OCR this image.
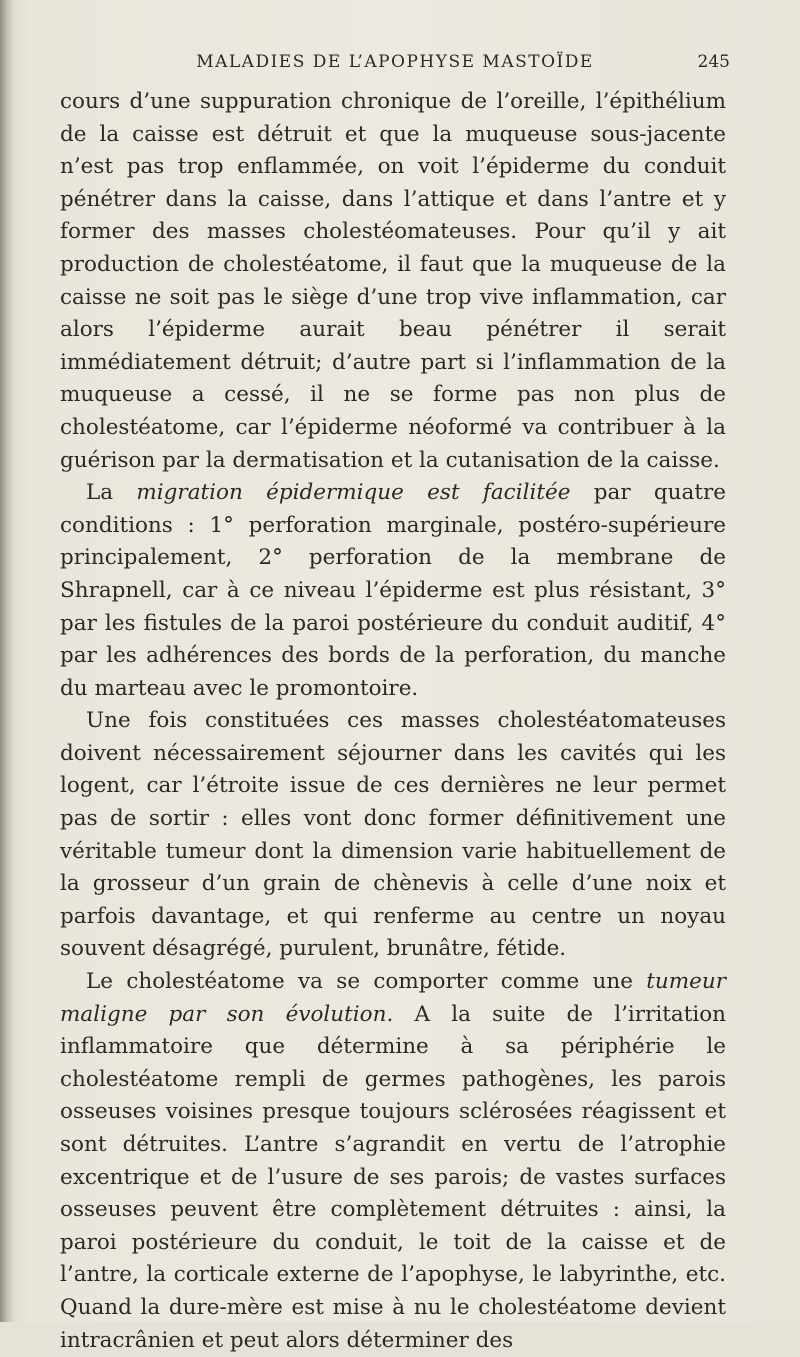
MALADIES DE L’APOPHYSE MASTOÏDE	245

cours d’une suppuration chronique de l’oreille, l’épithélium de la caisse est détruit et que la muqueuse sous-jacente n’est pas trop enflammée, on voit l’épiderme du conduit pénétrer dans la caisse, dans l’attique et dans l’antre et y former des masses cholestéomateuses. Pour qu’il y ait production de cholestéatome, il faut que la muqueuse de la caisse ne soit pas le siège d’une trop vive inflammation, car alors l’épiderme aurait beau pénétrer il serait immédiatement détruit; d’autre part si l’inflammation de la muqueuse a cessé, il ne se forme pas non plus de cholestéatome, car l’épiderme néoformé va contribuer à la guérison par la dermatisation et la cutanisation de la caisse.

La migration épidermique est facilitée par quatre conditions : 1° perforation marginale, postéro-supérieure principalement, 2° perforation de la membrane de Shrapnell, car à ce niveau l’épiderme est plus résistant, 3° par les fistules de la paroi postérieure du conduit auditif, 4° par les adhérences des bords de la perforation, du manche du marteau avec le promontoire.

Une fois constituées ces masses cholestéatomateuses doivent nécessairement séjourner dans les cavités qui les logent, car l’étroite issue de ces dernières ne leur permet pas de sortir : elles vont donc former définitivement une véritable tumeur dont la dimension varie habituellement de la grosseur d’un grain de chènevis à celle d’une noix et parfois davantage, et qui renferme au centre un noyau souvent désagrégé, purulent, brunâtre, fétide.

Le cholestéatome va se comporter comme une tumeur maligne par son évolution. A la suite de l’irritation inflammatoire que détermine à sa périphérie le cholestéatome rempli de germes pathogènes, les parois osseuses voisines presque toujours sclérosées réagissent et sont détruites. L’antre s’agrandit en vertu de l’atrophie excentrique et de l’usure de ses parois; de vastes surfaces osseuses peuvent être complètement détruites : ainsi, la paroi postérieure du conduit, le toit de la caisse et de l’antre, la corticale externe de l’apophyse, le labyrinthe, etc. Quand la dure-mère est mise à nu le cholestéatome devient intracrânien et peut alors déterminer des
